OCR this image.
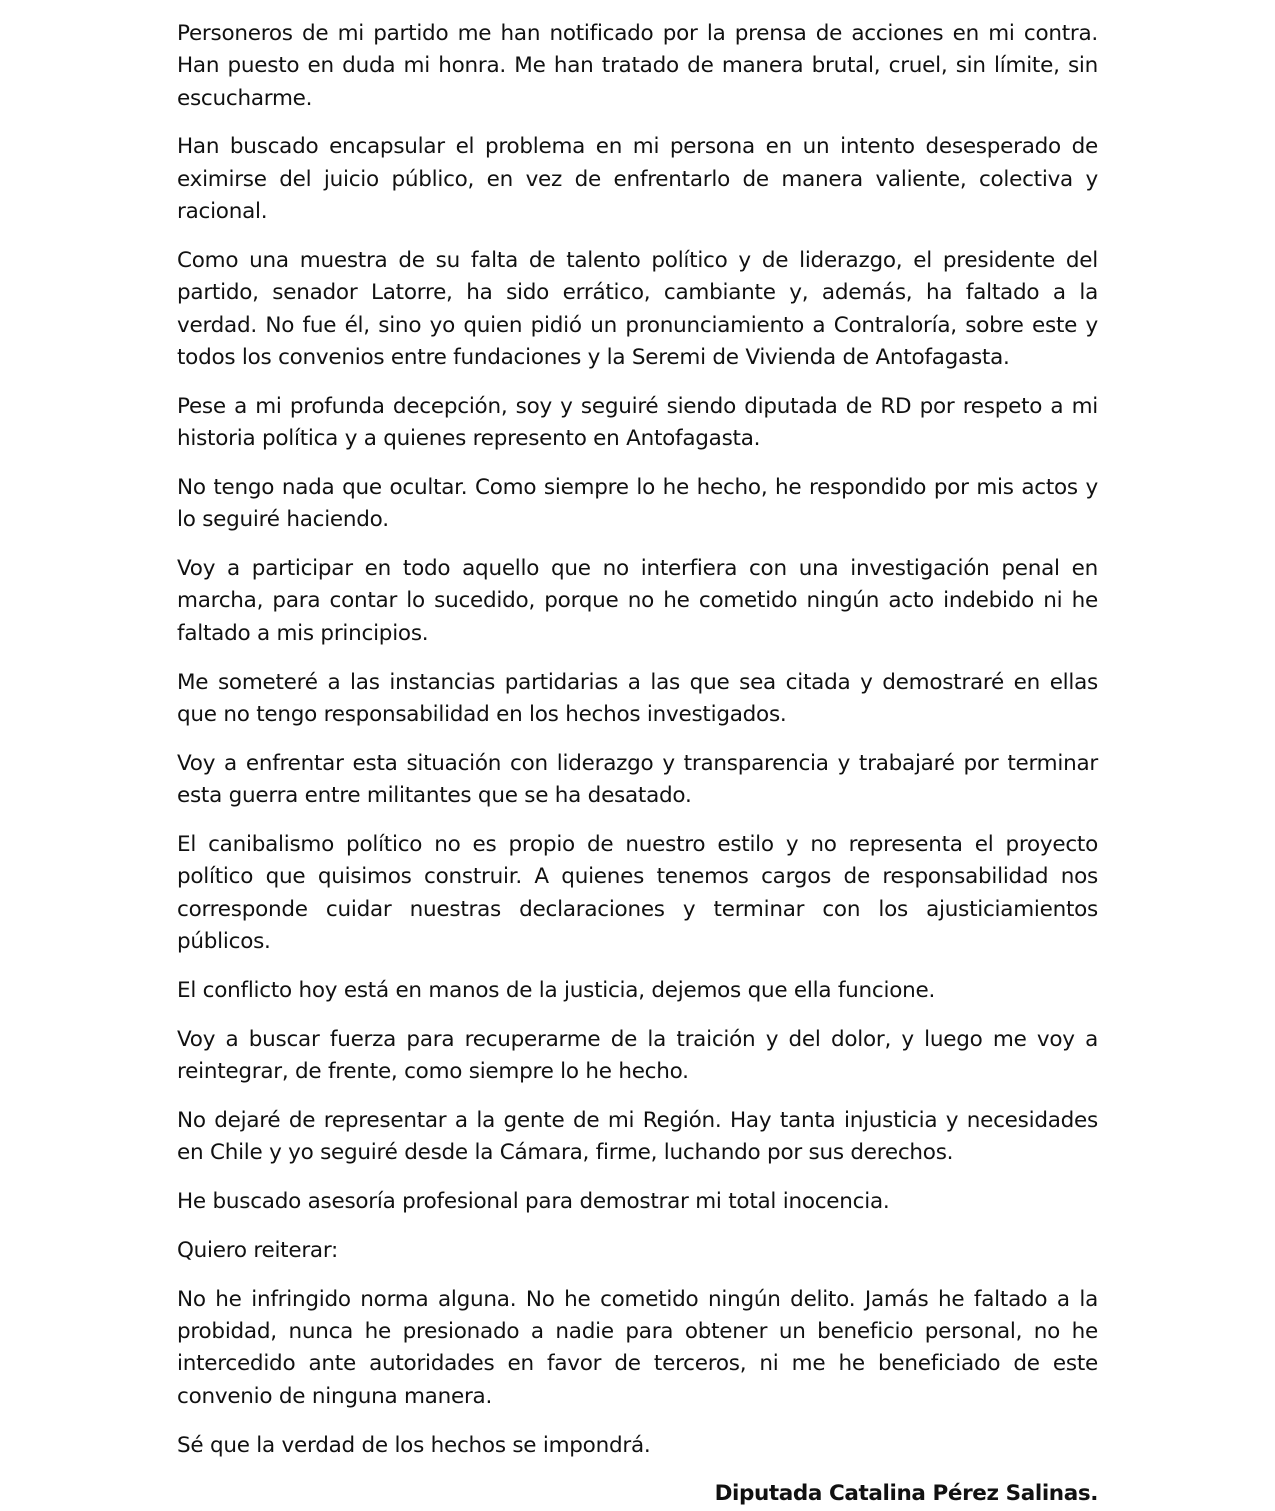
Personeros de mi partido me han notificado por la prensa de acciones en mi contra. Han puesto en duda mi honra. Me han tratado de manera brutal, cruel, sin límite, sin escucharme.

Han buscado encapsular el problema en mi persona en un intento desesperado de eximirse del juicio público, en vez de enfrentarlo de manera valiente, colectiva y racional.

Como una muestra de su falta de talento político y de liderazgo, el presidente del partido, senador Latorre, ha sido errático, cambiante y, además, ha faltado a la verdad. No fue él, sino yo quien pidió un pronunciamiento a Contraloría, sobre este y todos los convenios entre fundaciones y la Seremi de Vivienda de Antofagasta.

Pese a mi profunda decepción, soy y seguiré siendo diputada de RD por respeto a mi historia política y a quienes represento en Antofagasta.

No tengo nada que ocultar. Como siempre lo he hecho, he respondido por mis actos y lo seguiré haciendo.

Voy a participar en todo aquello que no interfiera con una investigación penal en marcha, para contar lo sucedido, porque no he cometido ningún acto indebido ni he faltado a mis principios.

Me someteré a las instancias partidarias a las que sea citada y demostraré en ellas que no tengo responsabilidad en los hechos investigados.

Voy a enfrentar esta situación con liderazgo y transparencia y trabajaré por terminar esta guerra entre militantes que se ha desatado.

El canibalismo político no es propio de nuestro estilo y no representa el proyecto político que quisimos construir. A quienes tenemos cargos de responsabilidad nos corresponde cuidar nuestras declaraciones y terminar con los ajusticiamientos públicos.

El conflicto hoy está en manos de la justicia, dejemos que ella funcione.

Voy a buscar fuerza para recuperarme de la traición y del dolor, y luego me voy a reintegrar, de frente, como siempre lo he hecho.

No dejaré de representar a la gente de mi Región. Hay tanta injusticia y necesidades en Chile y yo seguiré desde la Cámara, firme, luchando por sus derechos.

He buscado asesoría profesional para demostrar mi total inocencia.

Quiero reiterar:

No he infringido norma alguna. No he cometido ningún delito. Jamás he faltado a la probidad, nunca he presionado a nadie para obtener un beneficio personal, no he intercedido ante autoridades en favor de terceros, ni me he beneficiado de este convenio de ninguna manera.

Sé que la verdad de los hechos se impondrá.

Diputada Catalina Pérez Salinas.
